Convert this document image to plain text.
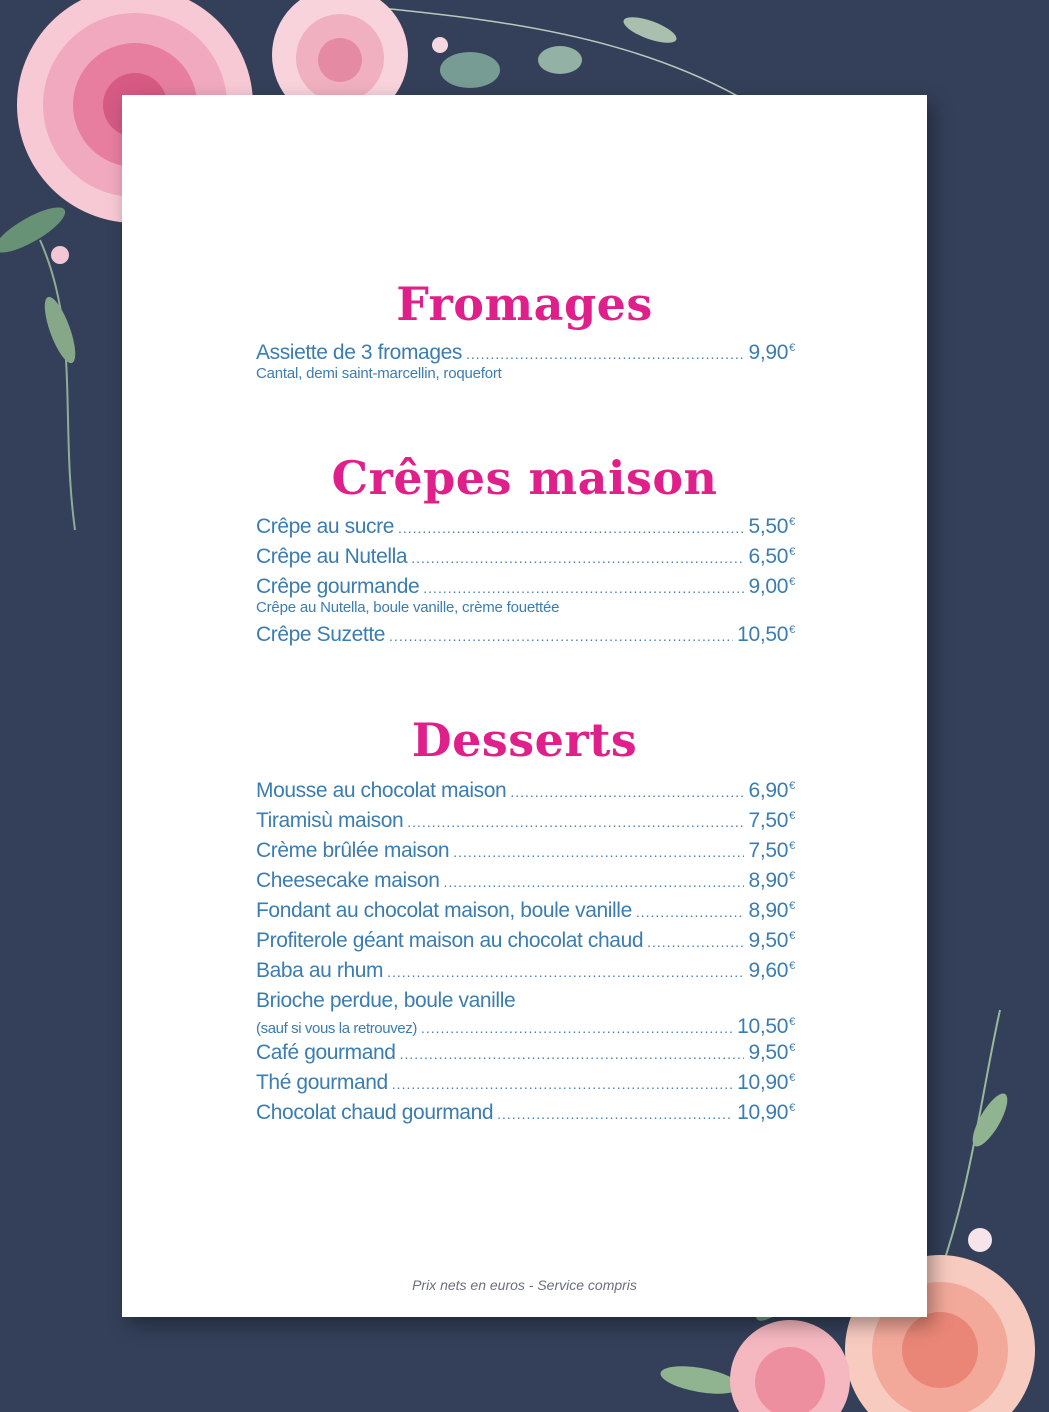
Fromages
Assiette de 3 fromages .....	9,90€
Cantal, demi saint-marcellin, roquefort
Crêpes maison
Crêpe au sucre .....	5,50€
Crêpe au Nutella .....	6,50€
Crêpe gourmande .....	9,00€
Crêpe au Nutella, boule vanille, crème fouettée
Crêpe Suzette .....	10,50€
Desserts
Mousse au chocolat maison .....	6,90€
Tiramisù maison .....	7,50€
Crème brûlée maison .....	7,50€
Cheesecake maison .....	8,90€
Fondant au chocolat maison, boule vanille .....	8,90€
Profiterole géant maison au chocolat chaud .....	9,50€
Baba au rhum .....	9,60€
Brioche perdue, boule vanille
(sauf si vous la retrouvez) .....	10,50€
Café gourmand .....	9,50€
Thé gourmand .....	10,90€
Chocolat chaud gourmand .....	10,90€
Prix nets en euros - Service compris
